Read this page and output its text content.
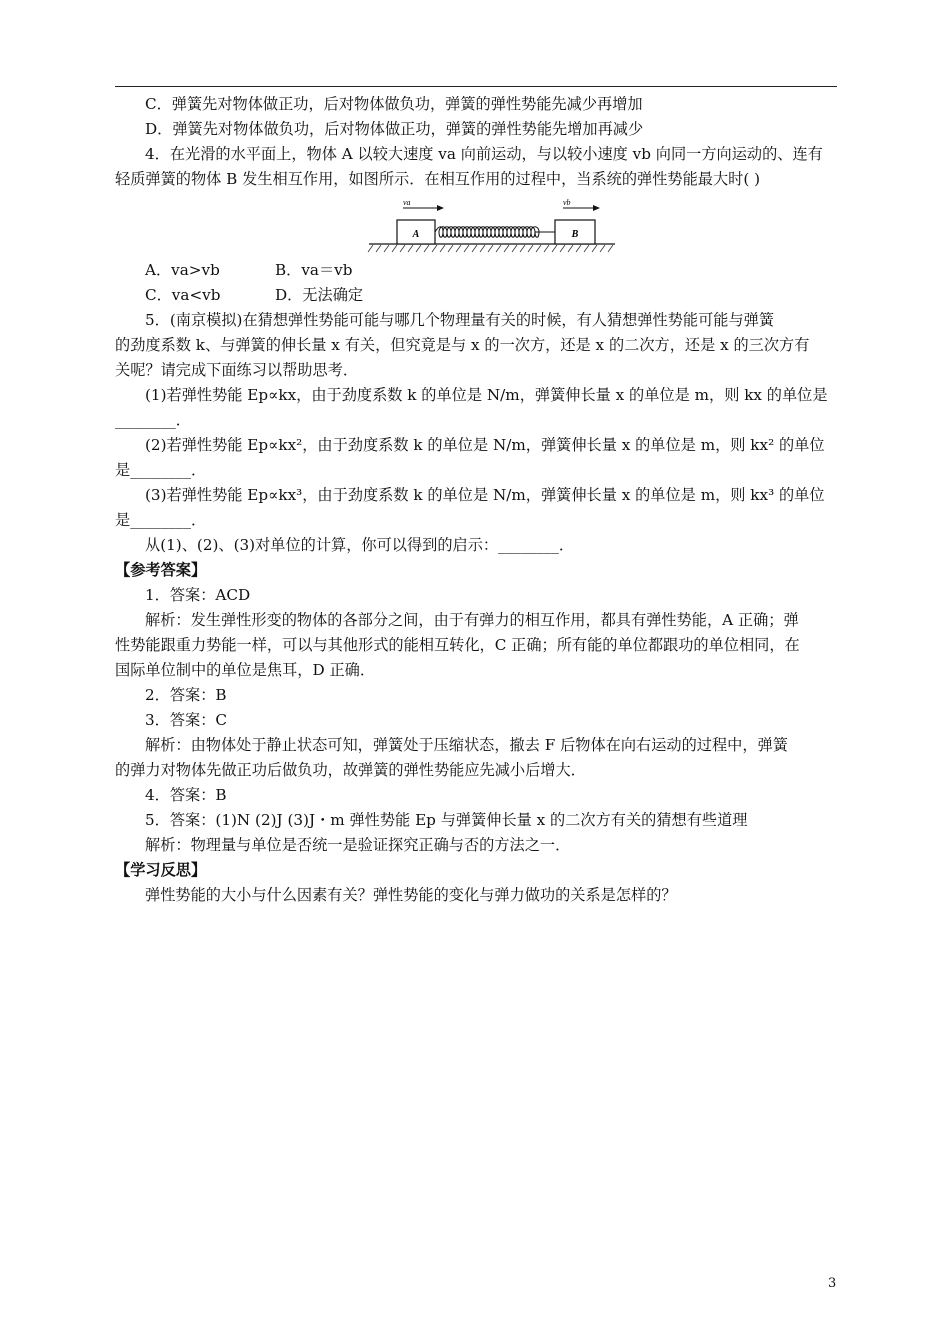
C．弹簧先对物体做正功，后对物体做负功，弹簧的弹性势能先减少再增加

D．弹簧先对物体做负功，后对物体做正功，弹簧的弹性势能先增加再减少

4．在光滑的水平面上，物体 A 以较大速度 va 向前运动，与以较小速度 vb 向同一方向运动的、连有

轻质弹簧的物体 B 发生相互作用，如图所示．在相互作用的过程中，当系统的弹性势能最大时( )

A	B
va	vb
A．va>vb	B．va＝vb
C．va<vb	D．无法确定

5．(南京模拟)在猜想弹性势能可能与哪几个物理量有关的时候，有人猜想弹性势能可能与弹簧

的劲度系数 k、与弹簧的伸长量 x 有关，但究竟是与 x 的一次方，还是 x 的二次方，还是 x 的三次方有

关呢？请完成下面练习以帮助思考．

(1)若弹性势能 Ep∝kx，由于劲度系数 k 的单位是 N/m，弹簧伸长量 x 的单位是 m，则 kx 的单位是

________．

(2)若弹性势能 Ep∝kx²，由于劲度系数 k 的单位是 N/m，弹簧伸长量 x 的单位是 m，则 kx² 的单位

是________．

(3)若弹性势能 Ep∝kx³，由于劲度系数 k 的单位是 N/m，弹簧伸长量 x 的单位是 m，则 kx³ 的单位

是________．

从(1)、(2)、(3)对单位的计算，你可以得到的启示：________．

【参考答案】

1．答案：ACD

解析：发生弹性形变的物体的各部分之间，由于有弹力的相互作用，都具有弹性势能，A 正确；弹

性势能跟重力势能一样，可以与其他形式的能相互转化，C 正确；所有能的单位都跟功的单位相同，在

国际单位制中的单位是焦耳，D 正确．

2．答案：B

3．答案：C

解析：由物体处于静止状态可知，弹簧处于压缩状态，撤去 F 后物体在向右运动的过程中，弹簧

的弹力对物体先做正功后做负功，故弹簧的弹性势能应先减小后增大．

4．答案：B

5．答案：(1)N (2)J (3)J・m 弹性势能 Ep 与弹簧伸长量 x 的二次方有关的猜想有些道理

解析：物理量与单位是否统一是验证探究正确与否的方法之一．

【学习反思】

弹性势能的大小与什么因素有关？弹性势能的变化与弹力做功的关系是怎样的？

3
